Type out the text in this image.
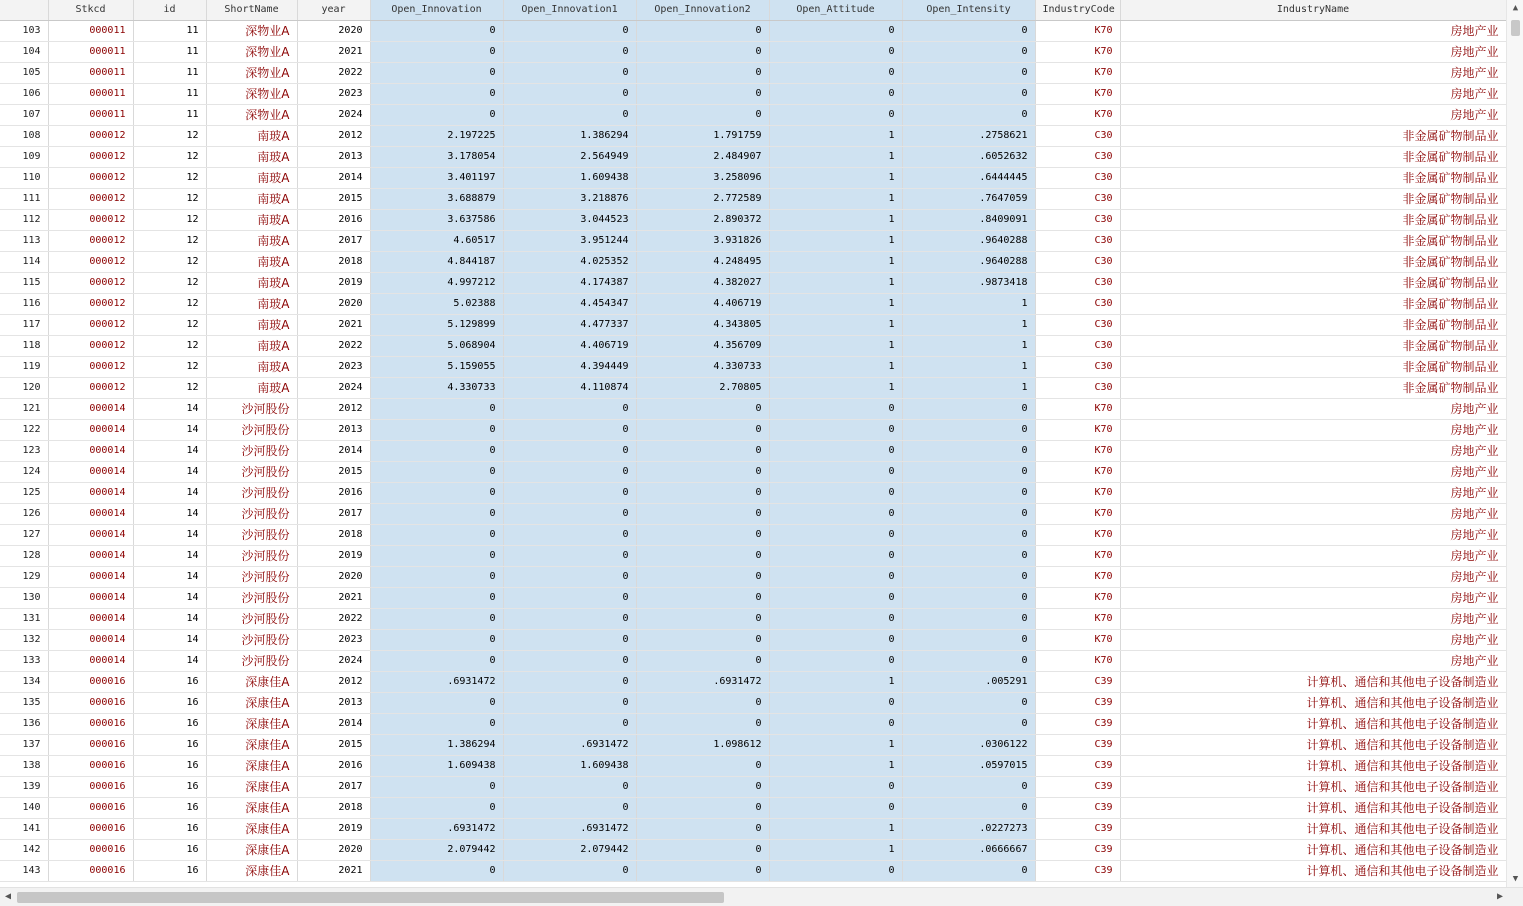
	Stkcd	id	ShortName	year	Open_Innovation	Open_Innovation1	Open_Innovation2	Open_Attitude	Open_Intensity	IndustryCode	IndustryName
103	000011	11	深物业A	2020	0	0	0	0	0	K70	房地产业
104	000011	11	深物业A	2021	0	0	0	0	0	K70	房地产业
105	000011	11	深物业A	2022	0	0	0	0	0	K70	房地产业
106	000011	11	深物业A	2023	0	0	0	0	0	K70	房地产业
107	000011	11	深物业A	2024	0	0	0	0	0	K70	房地产业
108	000012	12	南玻A	2012	2.197225	1.386294	1.791759	1	.2758621	C30	非金属矿物制品业
109	000012	12	南玻A	2013	3.178054	2.564949	2.484907	1	.6052632	C30	非金属矿物制品业
110	000012	12	南玻A	2014	3.401197	1.609438	3.258096	1	.6444445	C30	非金属矿物制品业
111	000012	12	南玻A	2015	3.688879	3.218876	2.772589	1	.7647059	C30	非金属矿物制品业
112	000012	12	南玻A	2016	3.637586	3.044523	2.890372	1	.8409091	C30	非金属矿物制品业
113	000012	12	南玻A	2017	4.60517	3.951244	3.931826	1	.9640288	C30	非金属矿物制品业
114	000012	12	南玻A	2018	4.844187	4.025352	4.248495	1	.9640288	C30	非金属矿物制品业
115	000012	12	南玻A	2019	4.997212	4.174387	4.382027	1	.9873418	C30	非金属矿物制品业
116	000012	12	南玻A	2020	5.02388	4.454347	4.406719	1	1	C30	非金属矿物制品业
117	000012	12	南玻A	2021	5.129899	4.477337	4.343805	1	1	C30	非金属矿物制品业
118	000012	12	南玻A	2022	5.068904	4.406719	4.356709	1	1	C30	非金属矿物制品业
119	000012	12	南玻A	2023	5.159055	4.394449	4.330733	1	1	C30	非金属矿物制品业
120	000012	12	南玻A	2024	4.330733	4.110874	2.70805	1	1	C30	非金属矿物制品业
121	000014	14	沙河股份	2012	0	0	0	0	0	K70	房地产业
122	000014	14	沙河股份	2013	0	0	0	0	0	K70	房地产业
123	000014	14	沙河股份	2014	0	0	0	0	0	K70	房地产业
124	000014	14	沙河股份	2015	0	0	0	0	0	K70	房地产业
125	000014	14	沙河股份	2016	0	0	0	0	0	K70	房地产业
126	000014	14	沙河股份	2017	0	0	0	0	0	K70	房地产业
127	000014	14	沙河股份	2018	0	0	0	0	0	K70	房地产业
128	000014	14	沙河股份	2019	0	0	0	0	0	K70	房地产业
129	000014	14	沙河股份	2020	0	0	0	0	0	K70	房地产业
130	000014	14	沙河股份	2021	0	0	0	0	0	K70	房地产业
131	000014	14	沙河股份	2022	0	0	0	0	0	K70	房地产业
132	000014	14	沙河股份	2023	0	0	0	0	0	K70	房地产业
133	000014	14	沙河股份	2024	0	0	0	0	0	K70	房地产业
134	000016	16	深康佳A	2012	.6931472	0	.6931472	1	.005291	C39	计算机、通信和其他电子设备制造业
135	000016	16	深康佳A	2013	0	0	0	0	0	C39	计算机、通信和其他电子设备制造业
136	000016	16	深康佳A	2014	0	0	0	0	0	C39	计算机、通信和其他电子设备制造业
137	000016	16	深康佳A	2015	1.386294	.6931472	1.098612	1	.0306122	C39	计算机、通信和其他电子设备制造业
138	000016	16	深康佳A	2016	1.609438	1.609438	0	1	.0597015	C39	计算机、通信和其他电子设备制造业
139	000016	16	深康佳A	2017	0	0	0	0	0	C39	计算机、通信和其他电子设备制造业
140	000016	16	深康佳A	2018	0	0	0	0	0	C39	计算机、通信和其他电子设备制造业
141	000016	16	深康佳A	2019	.6931472	.6931472	0	1	.0227273	C39	计算机、通信和其他电子设备制造业
142	000016	16	深康佳A	2020	2.079442	2.079442	0	1	.0666667	C39	计算机、通信和其他电子设备制造业
143	000016	16	深康佳A	2021	0	0	0	0	0	C39	计算机、通信和其他电子设备制造业
▲
▼
◀	▶
